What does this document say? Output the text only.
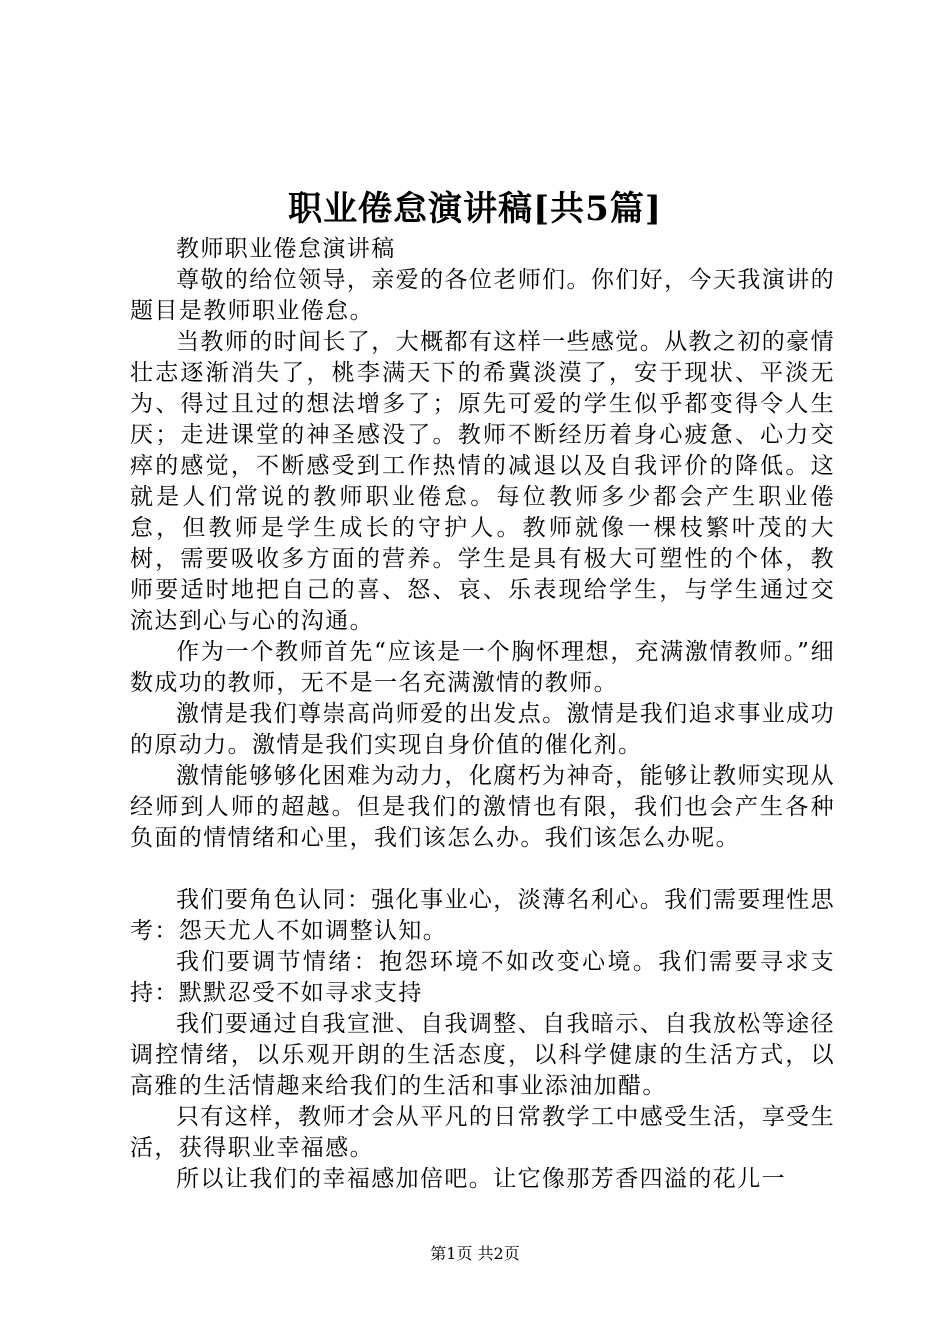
职业倦怠演讲稿[共5篇]

教师职业倦怠演讲稿

尊敬的给位领导，亲爱的各位老师们。你们好，今天我演讲的题目是教师职业倦怠。

当教师的时间长了，大概都有这样一些感觉。从教之初的豪情壮志逐渐消失了，桃李满天下的希冀淡漠了，安于现状、平淡无为、得过且过的想法增多了；原先可爱的学生似乎都变得令人生厌；走进课堂的神圣感没了。教师不断经历着身心疲惫、心力交瘁的感觉，不断感受到工作热情的减退以及自我评价的降低。这就是人们常说的教师职业倦怠。每位教师多少都会产生职业倦怠，但教师是学生成长的守护人。教师就像一棵枝繁叶茂的大树，需要吸收多方面的营养。学生是具有极大可塑性的个体，教师要适时地把自己的喜、怒、哀、乐表现给学生，与学生通过交流达到心与心的沟通。

作为一个教师首先“应该是一个胸怀理想，充满激情教师。”细数成功的教师，无不是一名充满激情的教师。

激情是我们尊崇高尚师爱的出发点。激情是我们追求事业成功的原动力。激情是我们实现自身价值的催化剂。

激情能够够化困难为动力，化腐朽为神奇，能够让教师实现从经师到人师的超越。但是我们的激情也有限，我们也会产生各种负面的情情绪和心里，我们该怎么办。我们该怎么办呢。

我们要角色认同：强化事业心，淡薄名利心。我们需要理性思考：怨天尤人不如调整认知。

我们要调节情绪：抱怨环境不如改变心境。我们需要寻求支持：默默忍受不如寻求支持

我们要通过自我宣泄、自我调整、自我暗示、自我放松等途径调控情绪，以乐观开朗的生活态度，以科学健康的生活方式，以高雅的生活情趣来给我们的生活和事业添油加醋。

只有这样，教师才会从平凡的日常教学工中感受生活，享受生活，获得职业幸福感。

所以让我们的幸福感加倍吧。让它像那芳香四溢的花儿一

第1页 共2页
